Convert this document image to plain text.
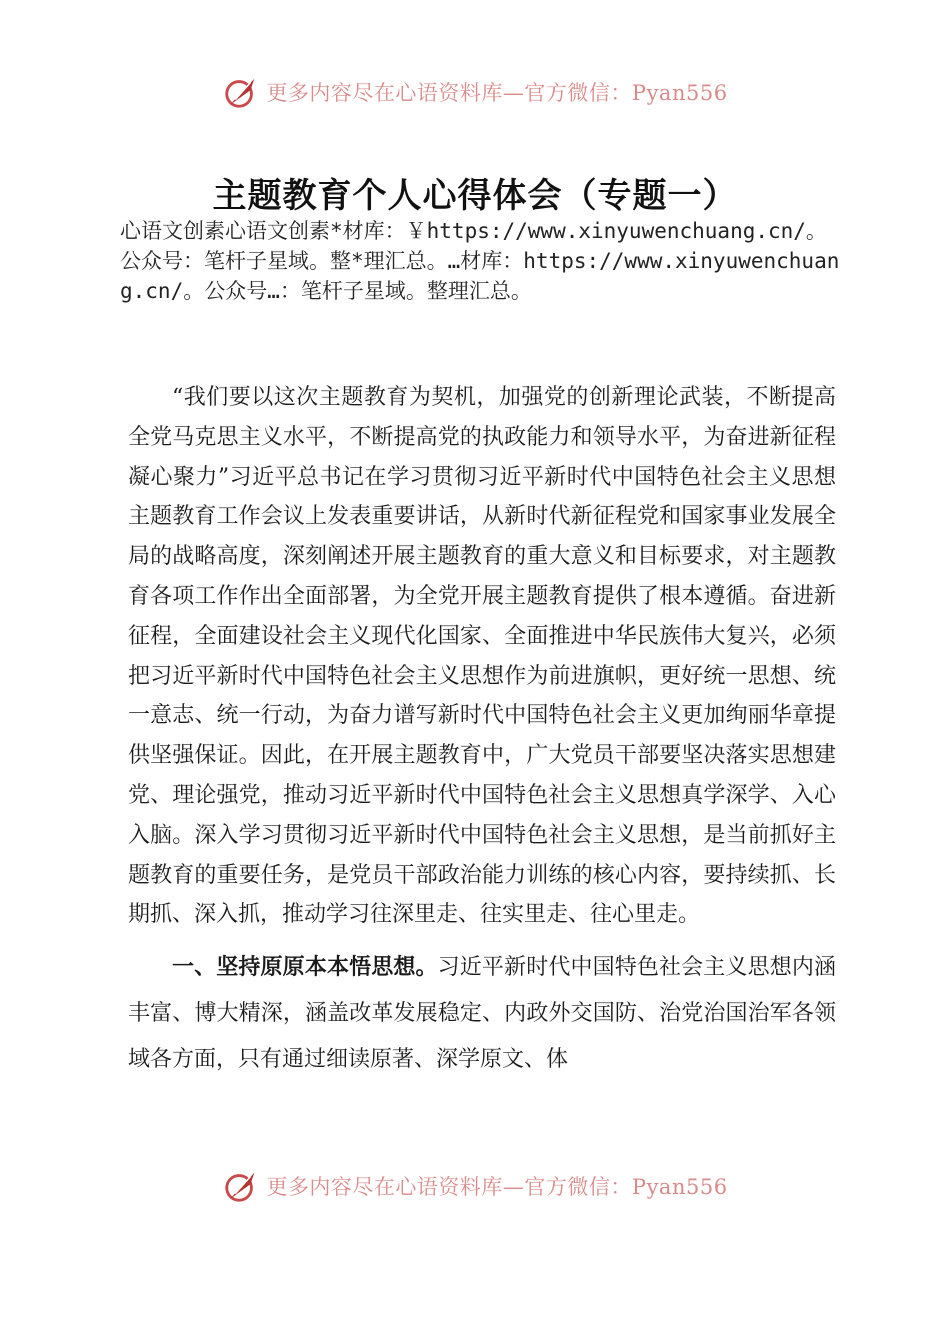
更多内容尽在心语资料库—官方微信：Pyan556
主题教育个人心得体会（专题一）

心语文创素心语文创素*材库：￥https://www.xinyuwenchuang.cn/。公众号：笔杆子星域。整*理汇总。…材库：https://www.xinyuwenchuang.cn/。公众号…：笔杆子星域。整理汇总。

“我们要以这次主题教育为契机，加强党的创新理论武装，不断提高全党马克思主义水平，不断提高党的执政能力和领导水平，为奋进新征程凝心聚力”习近平总书记在学习贯彻习近平新时代中国特色社会主义思想主题教育工作会议上发表重要讲话，从新时代新征程党和国家事业发展全局的战略高度，深刻阐述开展主题教育的重大意义和目标要求，对主题教育各项工作作出全面部署，为全党开展主题教育提供了根本遵循。奋进新征程，全面建设社会主义现代化国家、全面推进中华民族伟大复兴，必须把习近平新时代中国特色社会主义思想作为前进旗帜，更好统一思想、统一意志、统一行动，为奋力谱写新时代中国特色社会主义更加绚丽华章提供坚强保证。因此，在开展主题教育中，广大党员干部要坚决落实思想建党、理论强党，推动习近平新时代中国特色社会主义思想真学深学、入心入脑。深入学习贯彻习近平新时代中国特色社会主义思想，是当前抓好主题教育的重要任务，是党员干部政治能力训练的核心内容，要持续抓、长期抓、深入抓，推动学习往深里走、往实里走、往心里走。

一、坚持原原本本悟思想。习近平新时代中国特色社会主义思想内涵丰富、博大精深，涵盖改革发展稳定、内政外交国防、治党治国治军各领域各方面，只有通过细读原著、深学原文、体

更多内容尽在心语资料库—官方微信：Pyan556
